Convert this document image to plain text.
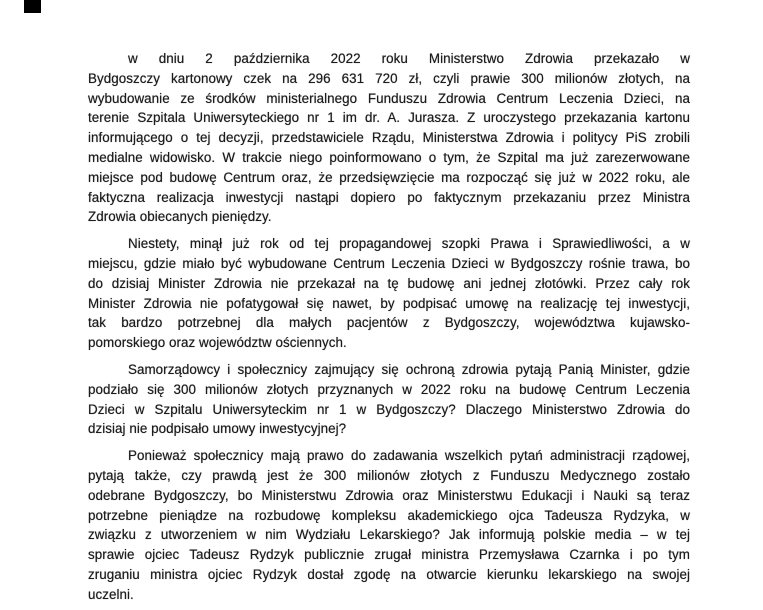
w dniu 2 października 2022 roku Ministerstwo Zdrowia przekazało w
Bydgoszczy kartonowy czek na 296 631 720 zł, czyli prawie 300 milionów złotych, na
wybudowanie ze środków ministerialnego Funduszu Zdrowia Centrum Leczenia Dzieci, na
terenie Szpitala Uniwersyteckiego nr 1 im dr. A. Jurasza. Z uroczystego przekazania kartonu
informującego o tej decyzji, przedstawiciele Rządu, Ministerstwa Zdrowia i politycy PiS zrobili
medialne widowisko. W trakcie niego poinformowano o tym, że Szpital ma już zarezerwowane
miejsce pod budowę Centrum oraz, że przedsięwzięcie ma rozpocząć się już w 2022 roku, ale
faktyczna realizacja inwestycji nastąpi dopiero po faktycznym przekazaniu przez Ministra
Zdrowia obiecanych pieniędzy.
Niestety, minął już rok od tej propagandowej szopki Prawa i Sprawiedliwości, a w
miejscu, gdzie miało być wybudowane Centrum Leczenia Dzieci w Bydgoszczy rośnie trawa, bo
do dzisiaj Minister Zdrowia nie przekazał na tę budowę ani jednej złotówki. Przez cały rok
Minister Zdrowia nie pofatygował się nawet, by podpisać umowę na realizację tej inwestycji,
tak bardzo potrzebnej dla małych pacjentów z Bydgoszczy, województwa kujawsko-
pomorskiego oraz województw ościennych.
Samorządowcy i społecznicy zajmujący się ochroną zdrowia pytają Panią Minister, gdzie
podziało się 300 milionów złotych przyznanych w 2022 roku na budowę Centrum Leczenia
Dzieci w Szpitalu Uniwersyteckim nr 1 w Bydgoszczy? Dlaczego Ministerstwo Zdrowia do
dzisiaj nie podpisało umowy inwestycyjnej?
Ponieważ społecznicy mają prawo do zadawania wszelkich pytań administracji rządowej,
pytają także, czy prawdą jest że 300 milionów złotych z Funduszu Medycznego zostało
odebrane Bydgoszczy, bo Ministerstwu Zdrowia oraz Ministerstwu Edukacji i Nauki są teraz
potrzebne pieniądze na rozbudowę kompleksu akademickiego ojca Tadeusza Rydzyka, w
związku z utworzeniem w nim Wydziału Lekarskiego? Jak informują polskie media – w tej
sprawie ojciec Tadeusz Rydzyk publicznie zrugał ministra Przemysława Czarnka i po tym
zruganiu ministra ojciec Rydzyk dostał zgodę na otwarcie kierunku lekarskiego na swojej
uczelni.
